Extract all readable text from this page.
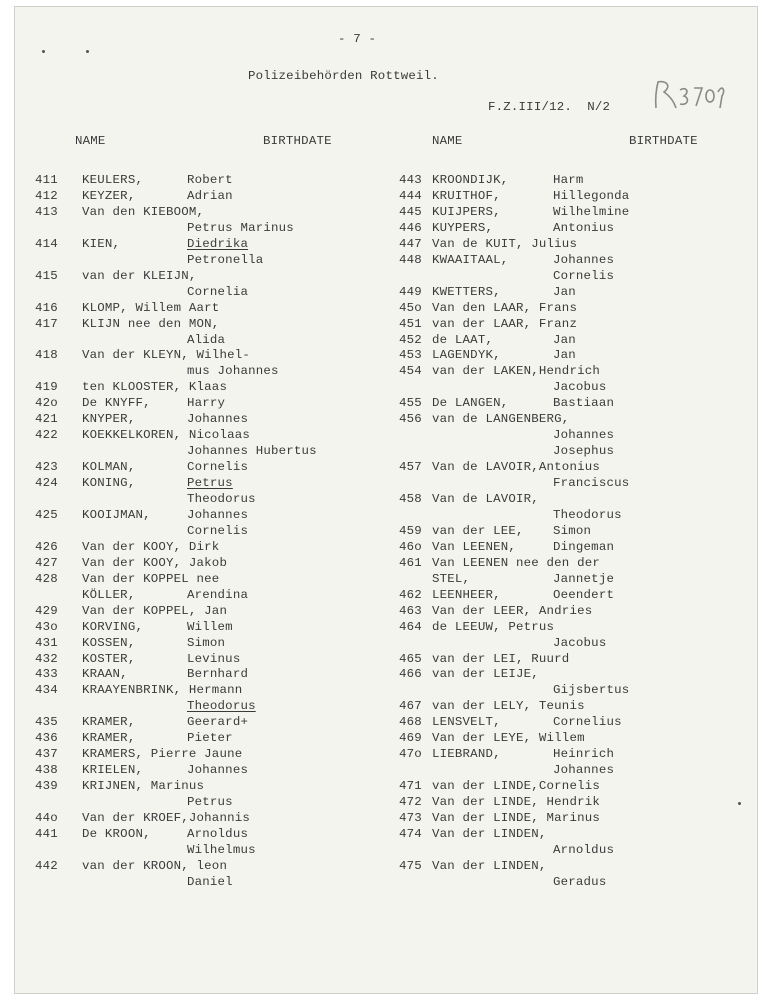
- 7 -
Polizeibehörden Rottweil.
F.Z.III/12.  N/2
NAME	BIRTHDATE	NAME	BIRTHDATE
411 KEULERS,	Robert
412 KEYZER,	Adrian
413 Van den KIEBOOM,
Petrus Marinus
414 KIEN,	Diedrika
Petronella
415 van der KLEIJN,
Cornelia
416 KLOMP, Willem Aart
417 KLIJN nee den MON,
Alida
418 Van der KLEYN, Wilhel-
mus Johannes
419 ten KLOOSTER, Klaas
42o De KNYFF,	Harry
421 KNYPER,	Johannes
422 KOEKKELKOREN, Nicolaas
Johannes Hubertus
423 KOLMAN,	Cornelis
424 KONING,	Petrus
Theodorus
425 KOOIJMAN,	Johannes
Cornelis
426 Van der KOOY, Dirk
427 Van der KOOY, Jakob
428 Van der KOPPEL nee
KÖLLER,	Arendina
429 Van der KOPPEL, Jan
43o KORVING,	Willem
431 KOSSEN,	Simon
432 KOSTER,	Levinus
433 KRAAN,	Bernhard
434 KRAAYENBRINK, Hermann
Theodorus
435 KRAMER,	Geerard+
436 KRAMER,	Pieter
437 KRAMERS, Pierre Jaune
438 KRIELEN,	Johannes
439 KRIJNEN, Marinus
Petrus
44o Van der KROEF,Johannis
441 De KROON,	Arnoldus
Wilhelmus
442 van der KROON, leon
Daniel
443 KROONDIJK,	Harm
444 KRUITHOF,	Hillegonda
445 KUIJPERS,	Wilhelmine
446 KUYPERS,	Antonius
447 Van de KUIT, Julius
448 KWAAITAAL,	Johannes
Cornelis
449 KWETTERS,	Jan
45o Van den LAAR, Frans
451 van der LAAR, Franz
452 de LAAT,	Jan
453 LAGENDYK,	Jan
454 van der LAKEN,Hendrich
Jacobus
455 De LANGEN,	Bastiaan
456 van de LANGENBERG,
Johannes
Josephus
457 Van de LAVOIR,Antonius
Franciscus
458 Van de LAVOIR,
Theodorus
459 van der LEE, Simon
46o Van LEENEN,	Dingeman
461 Van LEENEN nee den der
STEL,	Jannetje
462 LEENHEER,	Oeendert
463 Van der LEER, Andries
464 de LEEUW, Petrus
Jacobus
465 van der LEI, Ruurd
466 van der LEIJE,
Gijsbertus
467 van der LELY, Teunis
468 LENSVELT,	Cornelius
469 Van der LEYE, Willem
47o LIEBRAND,	Heinrich
Johannes
471 van der LINDE,Cornelis
472 Van der LINDE, Hendrik
473 Van der LINDE, Marinus
474 Van der LINDEN,
Arnoldus
475 Van der LINDEN,
Geradus
